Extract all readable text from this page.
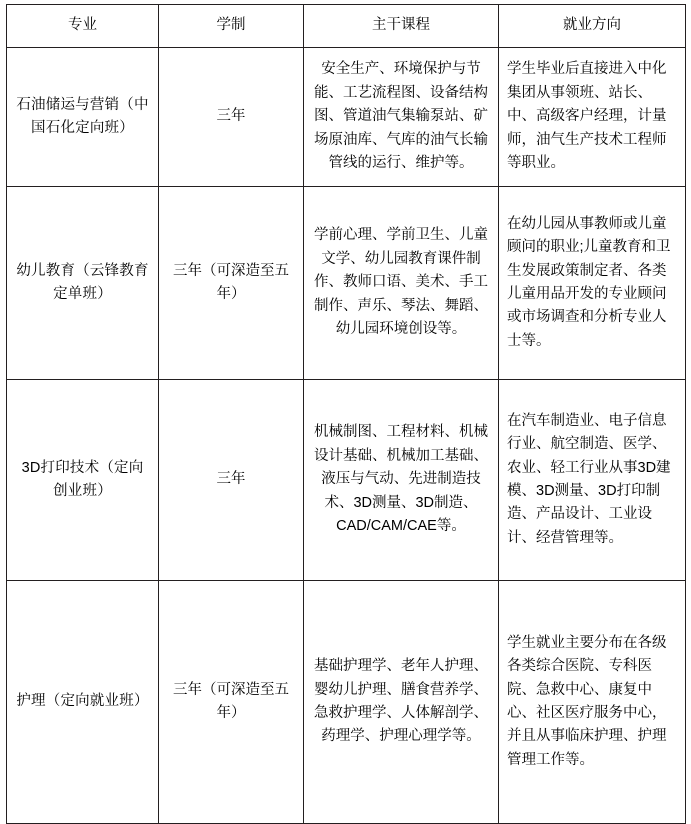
专业	学制	主干课程	就业方向
石油储运与营销（中国石化定向班）	三年	安全生产、环境保护与节能、工艺流程图、设备结构图、管道油气集输泵站、矿场原油库、气库的油气长输管线的运行、维护等。	学生毕业后直接进入中化集团从事领班、站长、中、高级客户经理，计量师，油气生产技术工程师等职业。
幼儿教育（云锋教育定单班）	三年（可深造至五年）	学前心理、学前卫生、儿童文学、幼儿园教育课件制作、教师口语、美术、手工制作、声乐、琴法、舞蹈、幼儿园环境创设等。	在幼儿园从事教师或儿童顾问的职业;儿童教育和卫生发展政策制定者、各类儿童用品开发的专业顾问或市场调查和分析专业人士等。
3D打印技术（定向创业班）	三年	机械制图、工程材料、机械设计基础、机械加工基础、液压与气动、先进制造技术、3D测量、3D制造、CAD/CAM/CAE等。	在汽车制造业、电子信息行业、航空制造、医学、农业、轻工行业从事3D建模、3D测量、3D打印制造、产品设计、工业设计、经营管理等。
护理（定向就业班）	三年（可深造至五年）	基础护理学、老年人护理、婴幼儿护理、膳食营养学、急救护理学、人体解剖学、药理学、护理心理学等。	学生就业主要分布在各级各类综合医院、专科医院、急救中心、康复中心、社区医疗服务中心，并且从事临床护理、护理管理工作等。
